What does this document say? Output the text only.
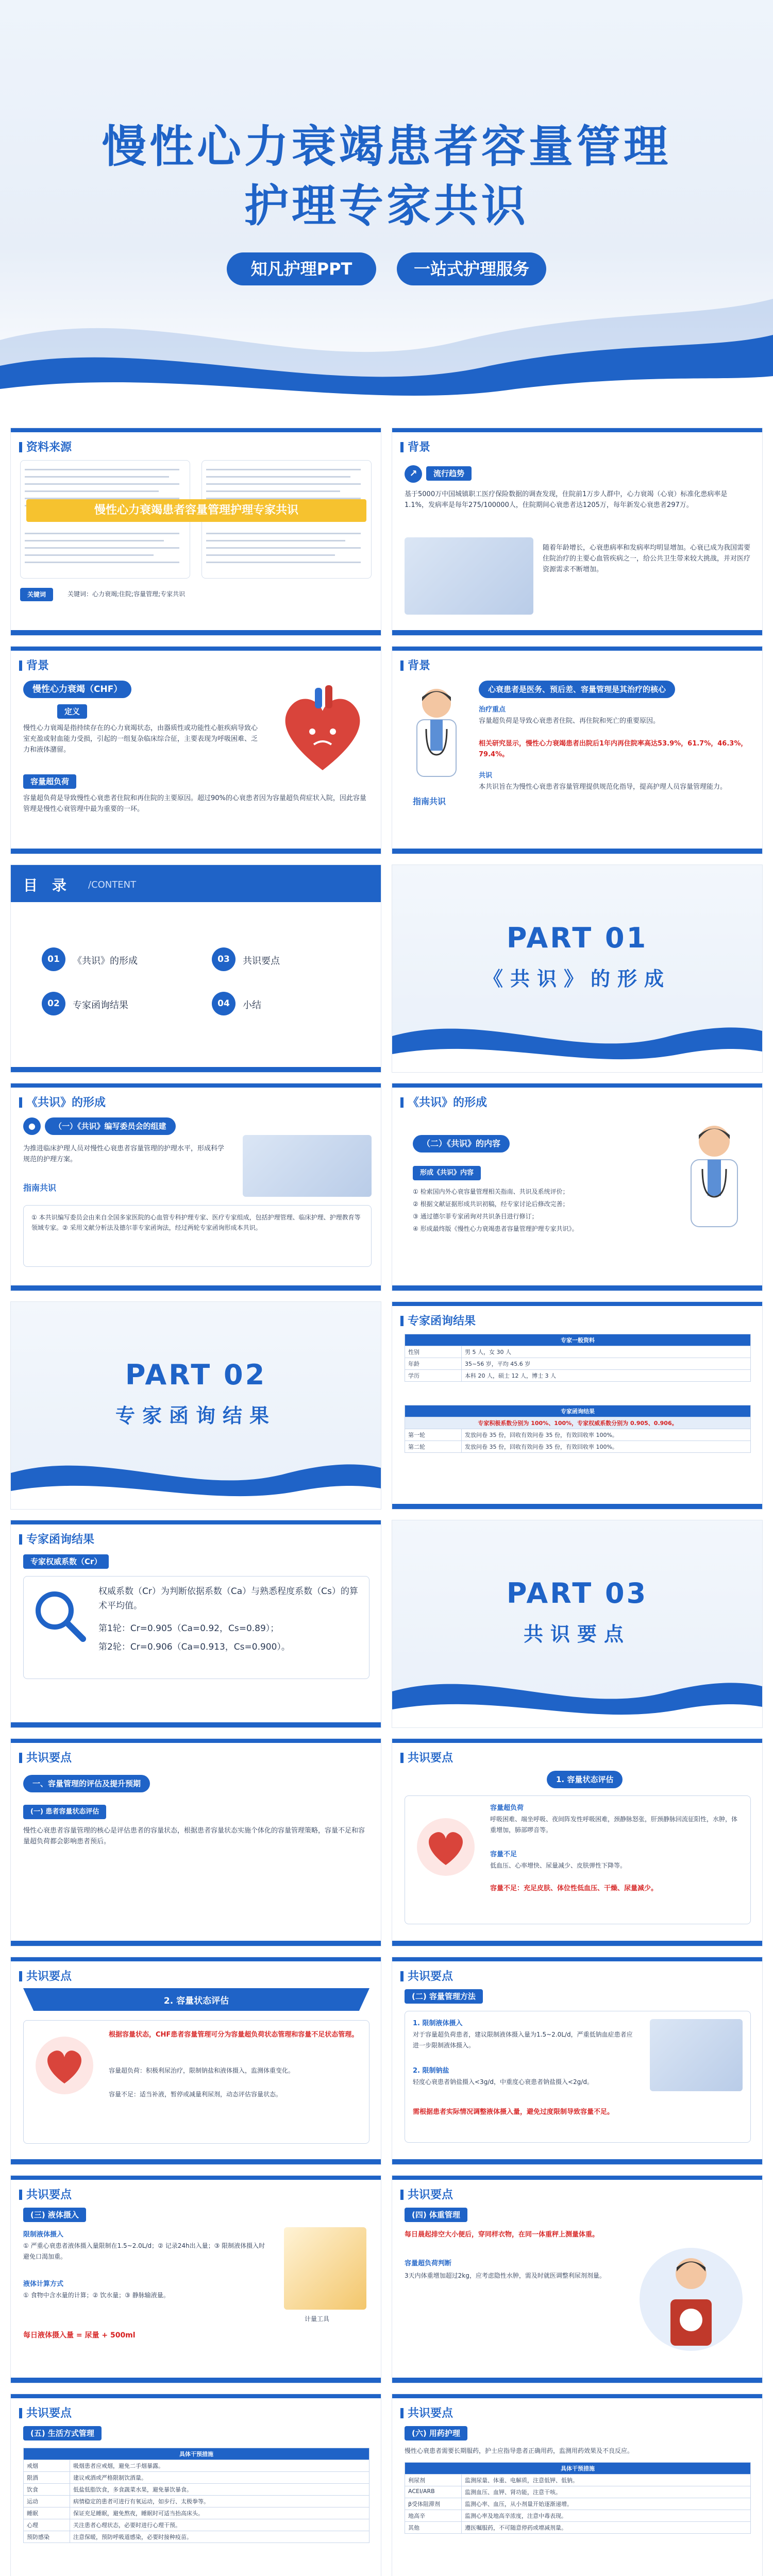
慢性心力衰竭患者容量管理
护理专家共识
知凡护理PPT	一站式护理服务
资料来源
慢性心力衰竭患者容量管理护理专家共识
关键词	关键词：心力衰竭;住院;容量管理;专家共识
背景
↗	流行趋势
基于5000万中国城镇职工医疗保险数据的调查发现，住院前1万步人群中，心力衰竭（心衰）标准化患病率是1.1%，发病率是每年275/100000人，住院期间心衰患者达1205万，每年新发心衰患者297万。
随着年龄增长，心衰患病率和发病率均明显增加。心衰已成为我国需要住院治疗的主要心血管疾病之一，给公共卫生带来较大挑战，并对医疗资源需求不断增加。
背景
慢性心力衰竭（CHF）
定义
慢性心力衰竭是指持续存在的心力衰竭状态，由器质性或功能性心脏疾病导致心室充盈或射血能力受损，引起的一组复杂临床综合征，主要表现为呼吸困难、乏力和液体潴留。
容量超负荷
容量超负荷是导致慢性心衰患者住院和再住院的主要原因。超过90%的心衰患者因为容量超负荷症状入院，因此容量管理是慢性心衰管理中最为重要的一环。
背景
心衰患者是医务、预后差、容量管理是其治疗的核心
治疗重点
容量超负荷是导致心衰患者住院、再住院和死亡的重要原因。
相关研究显示，慢性心力衰竭患者出院后1年内再住院率高达53.9%，61.7%，46.3%，79.4%。
共识
本共识旨在为慢性心衰患者容量管理提供规范化指导，提高护理人员容量管理能力。
指南共识
目　录 /CONTENT
01	《共识》的形成
02	专家函询结果
03	共识要点
04	小结
PART 01
《共识》的形成
《共识》的形成
●	（一）《共识》编写委员会的组建
为推进临床护理人员对慢性心衰患者容量管理的护理水平，形成科学规范的护理方案。
指南共识
① 本共识编写委员会由来自全国多家医院的心血管专科护理专家、医疗专家组成，包括护理管理、临床护理、护理教育等领域专家。② 采用文献分析法及德尔菲专家函询法，经过两轮专家函询形成本共识。
《共识》的形成
（二）《共识》的内容
形成《共识》内容
① 检索国内外心衰容量管理相关指南、共识及系统评价；
② 根据文献证据形成共识初稿，经专家讨论后修改完善；
③ 通过德尔菲专家函询对共识条目进行修订；
④ 形成最终版《慢性心力衰竭患者容量管理护理专家共识》。
PART 02
专家函询结果
专家函询结果
专家一般资料	
性别	男 5 人，女 30 人
年龄	35~56 岁，平均 45.6 岁
学历	本科 20 人，硕士 12 人，博士 3 人
专家函询结果	
专家积极系数分别为 100%、100%，专家权威系数分别为 0.905、0.906。	
第一轮	发放问卷 35 份，回收有效问卷 35 份，有效回收率 100%。
第二轮	发放问卷 35 份，回收有效问卷 35 份，有效回收率 100%。
专家函询结果
专家权威系数（Cr）
权威系数（Cr）为判断依据系数（Ca）与熟悉程度系数（Cs）的算术平均值。
第1轮：Cr=0.905（Ca=0.92，Cs=0.89）；
第2轮：Cr=0.906（Ca=0.913，Cs=0.900）。
PART 03
共识要点
共识要点
一、容量管理的评估及提升预期
(一) 患者容量状态评估
慢性心衰患者容量管理的核心是评估患者的容量状态，根据患者容量状态实施个体化的容量管理策略，容量不足和容量超负荷都会影响患者预后。
共识要点
1. 容量状态评估
容量超负荷
呼吸困难、端坐呼吸、夜间阵发性呼吸困难，颈静脉怒张，肝颈静脉回流征阳性，水肿，体重增加，肺部啰音等。
容量不足
低血压、心率增快、尿量减少、皮肤弹性下降等。
容量不足：充足皮肤、体位性低血压、干燥、尿量减少。
共识要点
2. 容量状态评估
根据容量状态，CHF患者容量管理可分为容量超负荷状态管理和容量不足状态管理。
容量超负荷：积极利尿治疗，限制钠盐和液体摄入，监测体重变化。
容量不足：适当补液，暂停或减量利尿剂，动态评估容量状态。
共识要点
(二) 容量管理方法
1. 限制液体摄入
对于容量超负荷患者，建议限制液体摄入量为1.5~2.0L/d，严重低钠血症患者应进一步限制液体摄入。
2. 限制钠盐
轻度心衰患者钠盐摄入<3g/d，中重度心衰患者钠盐摄入<2g/d。
需根据患者实际情况调整液体摄入量，避免过度限制导致容量不足。
共识要点
(三) 液体摄入
限制液体摄入
① 严重心衰患者液体摄入量限制在1.5~2.0L/d；② 记录24h出入量；③ 限制液体摄入时避免口渴加重。
液体计算方式
① 食物中含水量的计算；② 饮水量；③ 静脉输液量。
每日液体摄入量 = 尿量 + 500ml
计量工具
共识要点
(四) 体重管理
每日晨起排空大小便后，穿同样衣物，在同一体重秤上测量体重。
容量超负荷判断
3天内体重增加超过2kg，应考虑隐性水肿，需及时就医调整利尿剂剂量。
共识要点
(五) 生活方式管理
具体干预措施	
戒烟	吸烟患者应戒烟，避免二手烟暴露。
限酒	建议戒酒或严格限制饮酒量。
饮食	低盐低脂饮食，多食蔬菜水果，避免暴饮暴食。
运动	病情稳定的患者可进行有氧运动，如步行、太极拳等。
睡眠	保证充足睡眠，避免熬夜，睡眠时可适当抬高床头。
心理	关注患者心理状态，必要时进行心理干预。
预防感染	注意保暖，预防呼吸道感染，必要时接种疫苗。
共识要点
(六) 用药护理
慢性心衰患者需要长期服药，护士应指导患者正确用药，监测用药效果及不良反应。
具体干预措施	
利尿剂	监测尿量、体重、电解质，注意低钾、低钠。
ACEI/ARB	监测血压、血钾、肾功能，注意干咳。
β受体阻滞剂	监测心率、血压，从小剂量开始逐渐递增。
地高辛	监测心率及地高辛浓度，注意中毒表现。
其他	遵医嘱服药，不可随意停药或增减剂量。
